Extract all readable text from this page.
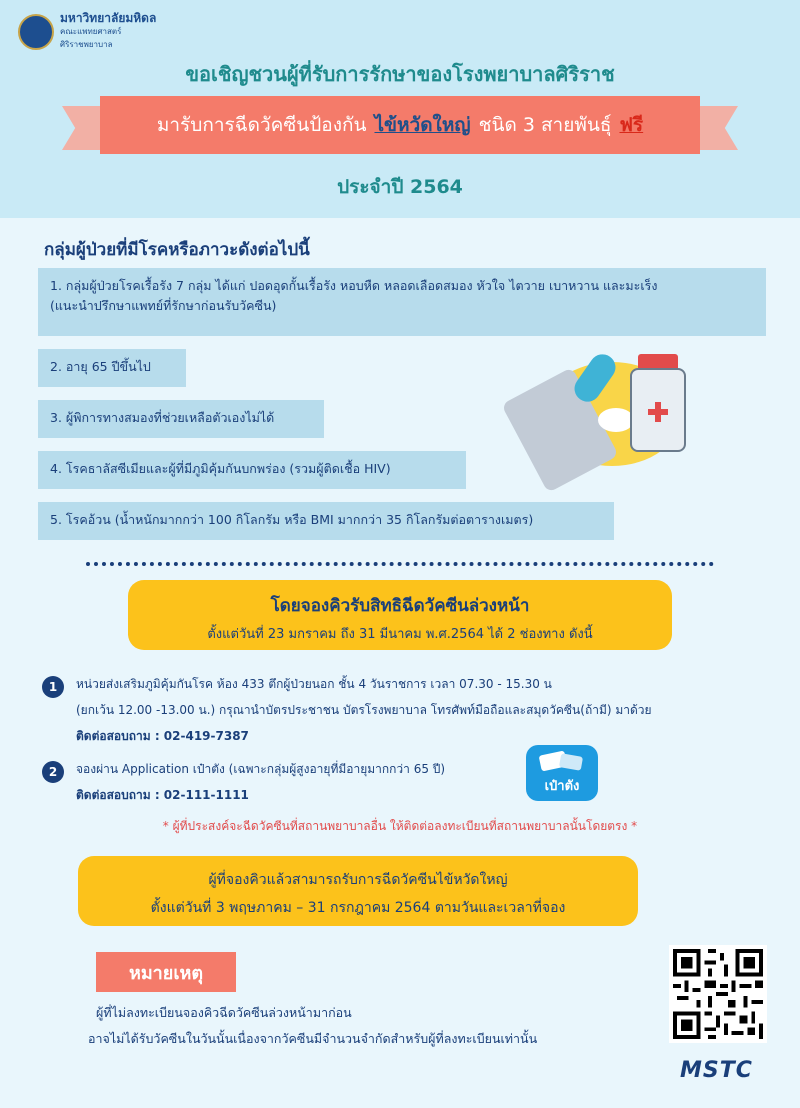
มหาวิทยาลัยมหิดล
คณะแพทยศาสตร์
ศิริราชพยาบาล
ขอเชิญชวนผู้ที่รับการรักษาของโรงพยาบาลศิริราช
มารับการฉีดวัคซีนป้องกัน ไข้หวัดใหญ่ ชนิด 3 สายพันธุ์ ฟรี
ประจำปี 2564
กลุ่มผู้ป่วยที่มีโรคหรือภาวะดังต่อไปนี้
1. กลุ่มผู้ป่วยโรคเรื้อรัง 7 กลุ่ม ได้แก่ ปอดอุดกั้นเรื้อรัง หอบหืด หลอดเลือดสมอง หัวใจ ไตวาย เบาหวาน และมะเร็ง
(แนะนำปรึกษาแพทย์ที่รักษาก่อนรับวัคซีน)
2. อายุ 65 ปีขึ้นไป
3. ผู้พิการทางสมองที่ช่วยเหลือตัวเองไม่ได้
4. โรคธาลัสซีเมียและผู้ที่มีภูมิคุ้มกันบกพร่อง (รวมผู้ติดเชื้อ HIV)
5. โรคอ้วน (น้ำหนักมากกว่า 100 กิโลกรัม หรือ BMI มากกว่า 35 กิโลกรัมต่อตารางเมตร)
โดยจองคิวรับสิทธิฉีดวัคซีนล่วงหน้า
ตั้งแต่วันที่ 23 มกราคม ถึง 31 มีนาคม พ.ศ.2564 ได้ 2 ช่องทาง ดังนี้
1	หน่วยส่งเสริมภูมิคุ้มกันโรค ห้อง 433 ตึกผู้ป่วยนอก ชั้น 4 วันราชการ เวลา 07.30 - 15.30 น
(ยกเว้น 12.00 -13.00 น.) กรุณานำบัตรประชาชน บัตรโรงพยาบาล โทรศัพท์มือถือและสมุดวัคซีน(ถ้ามี) มาด้วย
ติดต่อสอบถาม : 02-419-7387
2	จองผ่าน Application เป๋าตัง (เฉพาะกลุ่มผู้สูงอายุที่มีอายุมากกว่า 65 ปี)
ติดต่อสอบถาม : 02-111-1111
เป๋าตัง
* ผู้ที่ประสงค์จะฉีดวัคซีนที่สถานพยาบาลอื่น ให้ติดต่อลงทะเบียนที่สถานพยาบาลนั้นโดยตรง *
ผู้ที่จองคิวแล้วสามารถรับการฉีดวัคซีนไข้หวัดใหญ่
ตั้งแต่วันที่ 3 พฤษภาคม – 31 กรกฎาคม 2564 ตามวันและเวลาที่จอง
หมายเหตุ
ผู้ที่ไม่ลงทะเบียนจองคิวฉีดวัคซีนล่วงหน้ามาก่อน
อาจไม่ได้รับวัคซีนในวันนั้นเนื่องจากวัคซีนมีจำนวนจำกัดสำหรับผู้ที่ลงทะเบียนเท่านั้น
MSTC
